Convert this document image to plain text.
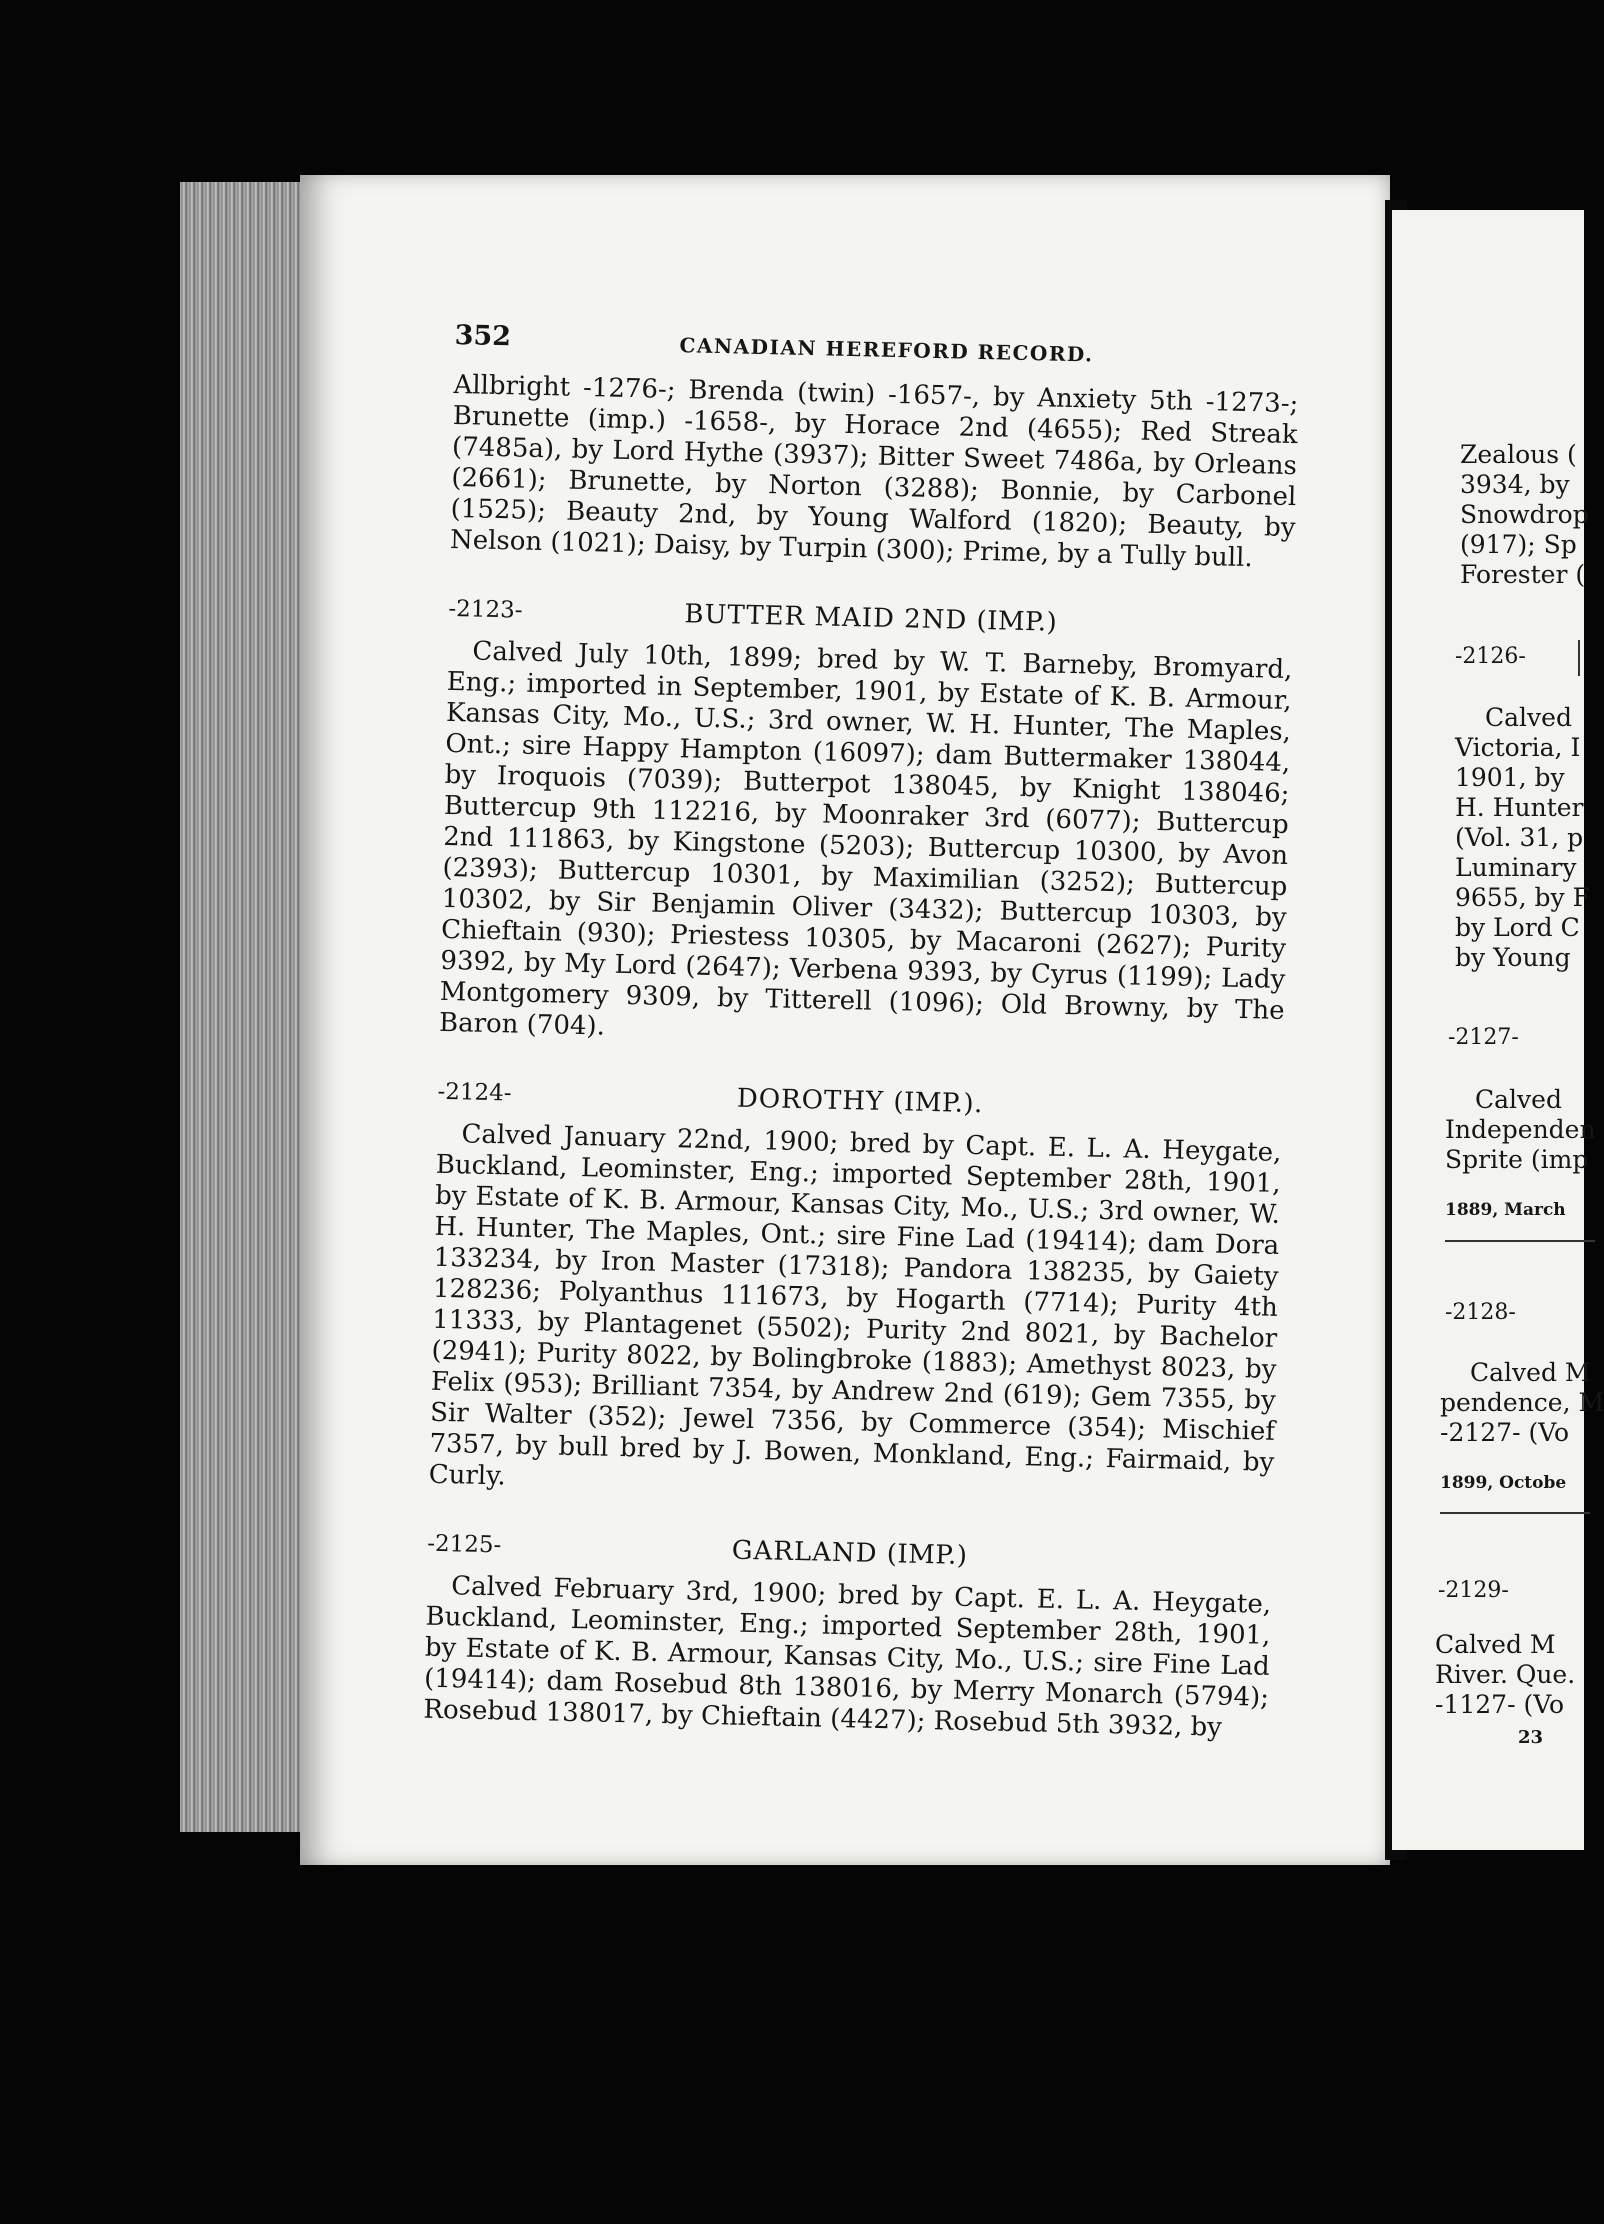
352	CANADIAN HEREFORD RECORD.

Allbright -1276-; Brenda (twin) -1657-, by Anxiety 5th -1273-; Brunette (imp.) -1658-, by Horace 2nd (4655); Red Streak (7485a), by Lord Hythe (3937); Bitter Sweet 7486a, by Orleans (2661); Brunette, by Norton (3288); Bonnie, by Carbonel (1525); Beauty 2nd, by Young Walford (1820); Beauty, by Nelson (1021); Daisy, by Turpin (300); Prime, by a Tully bull.

-2123-	BUTTER MAID 2ND (IMP.)

Calved July 10th, 1899; bred by W. T. Barneby, Bromyard, Eng.; imported in September, 1901, by Estate of K. B. Armour, Kansas City, Mo., U.S.; 3rd owner, W. H. Hunter, The Maples, Ont.; sire Happy Hampton (16097); dam Buttermaker 138044, by Iroquois (7039); Butterpot 138045, by Knight 138046; Buttercup 9th 112216, by Moonraker 3rd (6077); Buttercup 2nd 111863, by Kingstone (5203); Buttercup 10300, by Avon (2393); Buttercup 10301, by Maximilian (3252); Buttercup 10302, by Sir Benjamin Oliver (3432); Buttercup 10303, by Chieftain (930); Priestess 10305, by Macaroni (2627); Purity 9392, by My Lord (2647); Verbena 9393, by Cyrus (1199); Lady Montgomery 9309, by Titterell (1096); Old Browny, by The Baron (704).

-2124-	DOROTHY (IMP.).

Calved January 22nd, 1900; bred by Capt. E. L. A. Heygate, Buckland, Leominster, Eng.; imported September 28th, 1901, by Estate of K. B. Armour, Kansas City, Mo., U.S.; 3rd owner, W. H. Hunter, The Maples, Ont.; sire Fine Lad (19414); dam Dora 133234, by Iron Master (17318); Pandora 138235, by Gaiety 128236; Polyanthus 111673, by Hogarth (7714); Purity 4th 11333, by Plantagenet (5502); Purity 2nd 8021, by Bachelor (2941); Purity 8022, by Bolingbroke (1883); Amethyst 8023, by Felix (953); Brilliant 7354, by Andrew 2nd (619); Gem 7355, by Sir Walter (352); Jewel 7356, by Commerce (354); Mischief 7357, by bull bred by J. Bowen, Monkland, Eng.; Fairmaid, by Curly.

-2125-	GARLAND (IMP.)

Calved February 3rd, 1900; bred by Capt. E. L. A. Heygate, Buckland, Leominster, Eng.; imported September 28th, 1901, by Estate of K. B. Armour, Kansas City, Mo., U.S.; sire Fine Lad (19414); dam Rosebud 8th 138016, by Merry Monarch (5794); Rosebud 138017, by Chieftain (4427); Rosebud 5th 3932, by

Zealous (
3934, by
Snowdrop
(917); Sp
Forester (
-2126-
Calved
Victoria, I
1901, by
H. Hunter
(Vol. 31, p
Luminary
9655, by F
by Lord C
by Young
-2127-
Calved
Independen
Sprite (imp
1889, March
-2128-
Calved M
pendence, M
-2127- (Vo
1899, Octobe
-2129-
Calved M
River. Que.
-1127- (Vo
23
